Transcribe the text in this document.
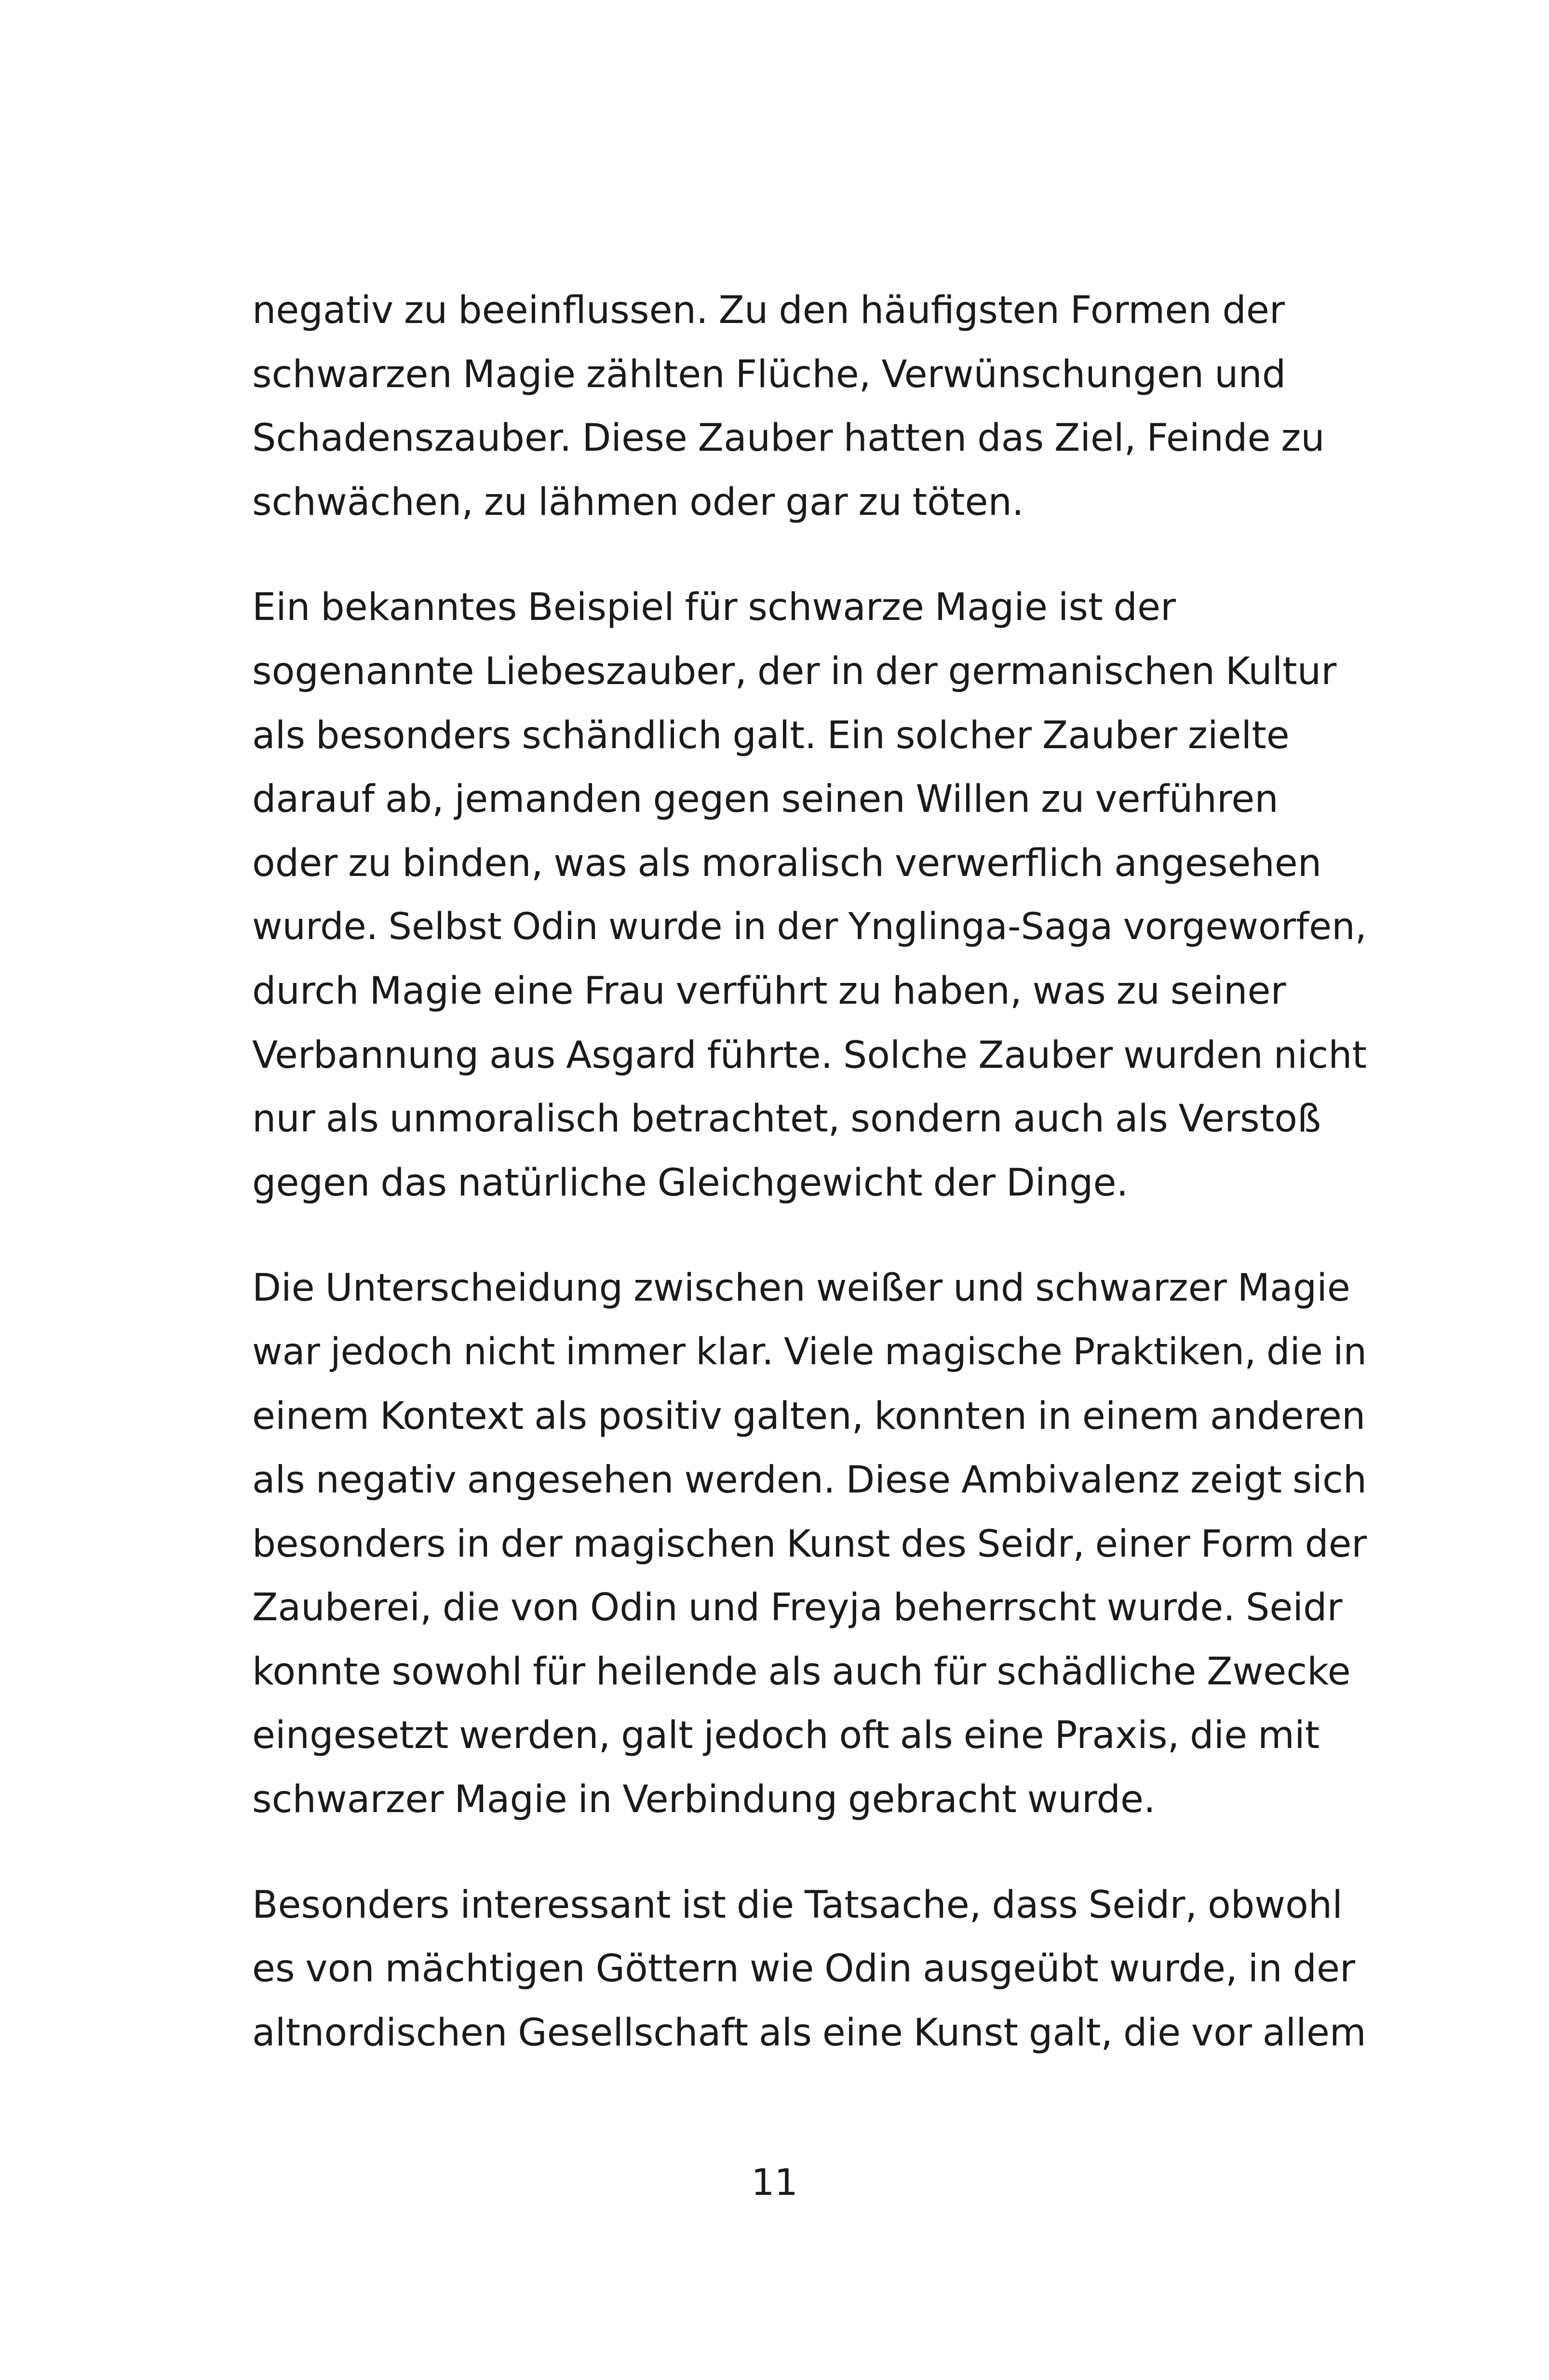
negativ zu beeinflussen. Zu den häufigsten Formen der
schwarzen Magie zählten Flüche, Verwünschungen und
Schadenszauber. Diese Zauber hatten das Ziel, Feinde zu
schwächen, zu lähmen oder gar zu töten.

Ein bekanntes Beispiel für schwarze Magie ist der
sogenannte Liebeszauber, der in der germanischen Kultur
als besonders schändlich galt. Ein solcher Zauber zielte
darauf ab, jemanden gegen seinen Willen zu verführen
oder zu binden, was als moralisch verwerflich angesehen
wurde. Selbst Odin wurde in der Ynglinga-Saga vorgeworfen,
durch Magie eine Frau verführt zu haben, was zu seiner
Verbannung aus Asgard führte. Solche Zauber wurden nicht
nur als unmoralisch betrachtet, sondern auch als Verstoß
gegen das natürliche Gleichgewicht der Dinge.

Die Unterscheidung zwischen weißer und schwarzer Magie
war jedoch nicht immer klar. Viele magische Praktiken, die in
einem Kontext als positiv galten, konnten in einem anderen
als negativ angesehen werden. Diese Ambivalenz zeigt sich
besonders in der magischen Kunst des Seidr, einer Form der
Zauberei, die von Odin und Freyja beherrscht wurde. Seidr
konnte sowohl für heilende als auch für schädliche Zwecke
eingesetzt werden, galt jedoch oft als eine Praxis, die mit
schwarzer Magie in Verbindung gebracht wurde.

Besonders interessant ist die Tatsache, dass Seidr, obwohl
es von mächtigen Göttern wie Odin ausgeübt wurde, in der
altnordischen Gesellschaft als eine Kunst galt, die vor allem

11
